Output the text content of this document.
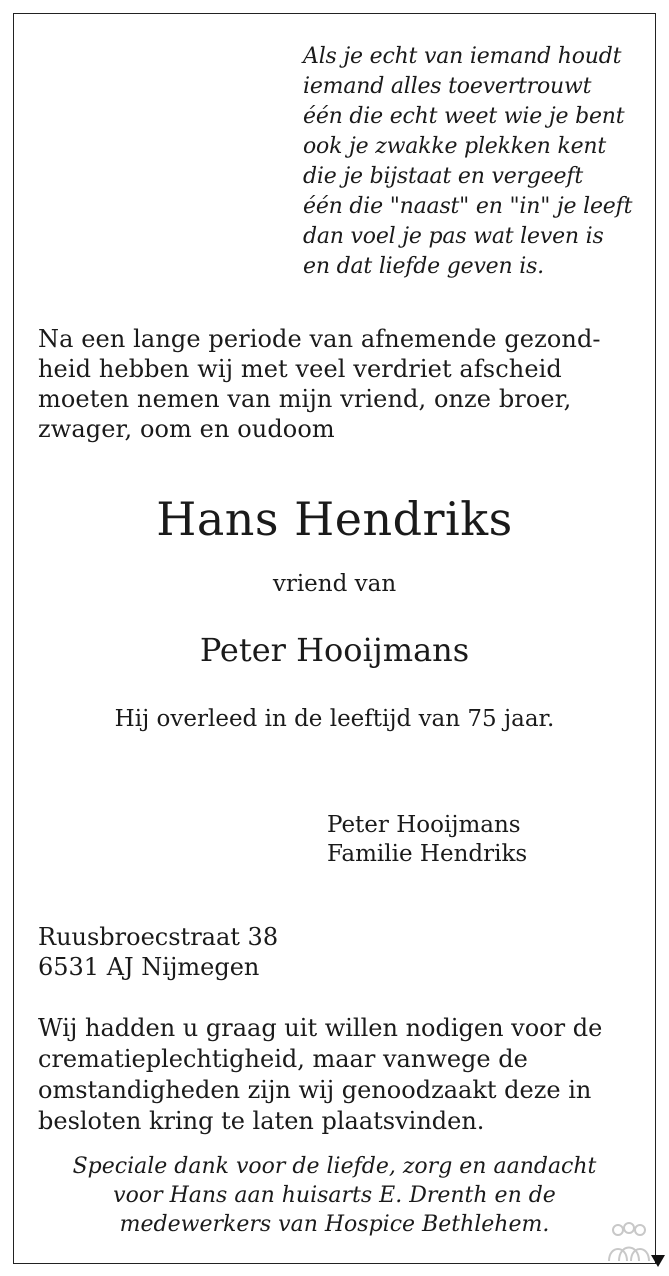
Als je echt van iemand houdt
iemand alles toevertrouwt
één die echt weet wie je bent
ook je zwakke plekken kent
die je bijstaat en vergeeft
één die "naast" en "in" je leeft
dan voel je pas wat leven is
en dat liefde geven is.
Na een lange periode van afnemende gezond-
heid hebben wij met veel verdriet afscheid
moeten nemen van mijn vriend, onze broer,
zwager, oom en oudoom
Hans Hendriks
vriend van
Peter Hooijmans
Hij overleed in de leeftijd van 75 jaar.
Peter Hooijmans
Familie Hendriks
Ruusbroecstraat 38
6531 AJ Nijmegen
Wij hadden u graag uit willen nodigen voor de
crematieplechtigheid, maar vanwege de
omstandigheden zijn wij genoodzaakt deze in
besloten kring te laten plaatsvinden.
Speciale dank voor de liefde, zorg en aandacht
voor Hans aan huisarts E. Drenth en de
medewerkers van Hospice Bethlehem.
